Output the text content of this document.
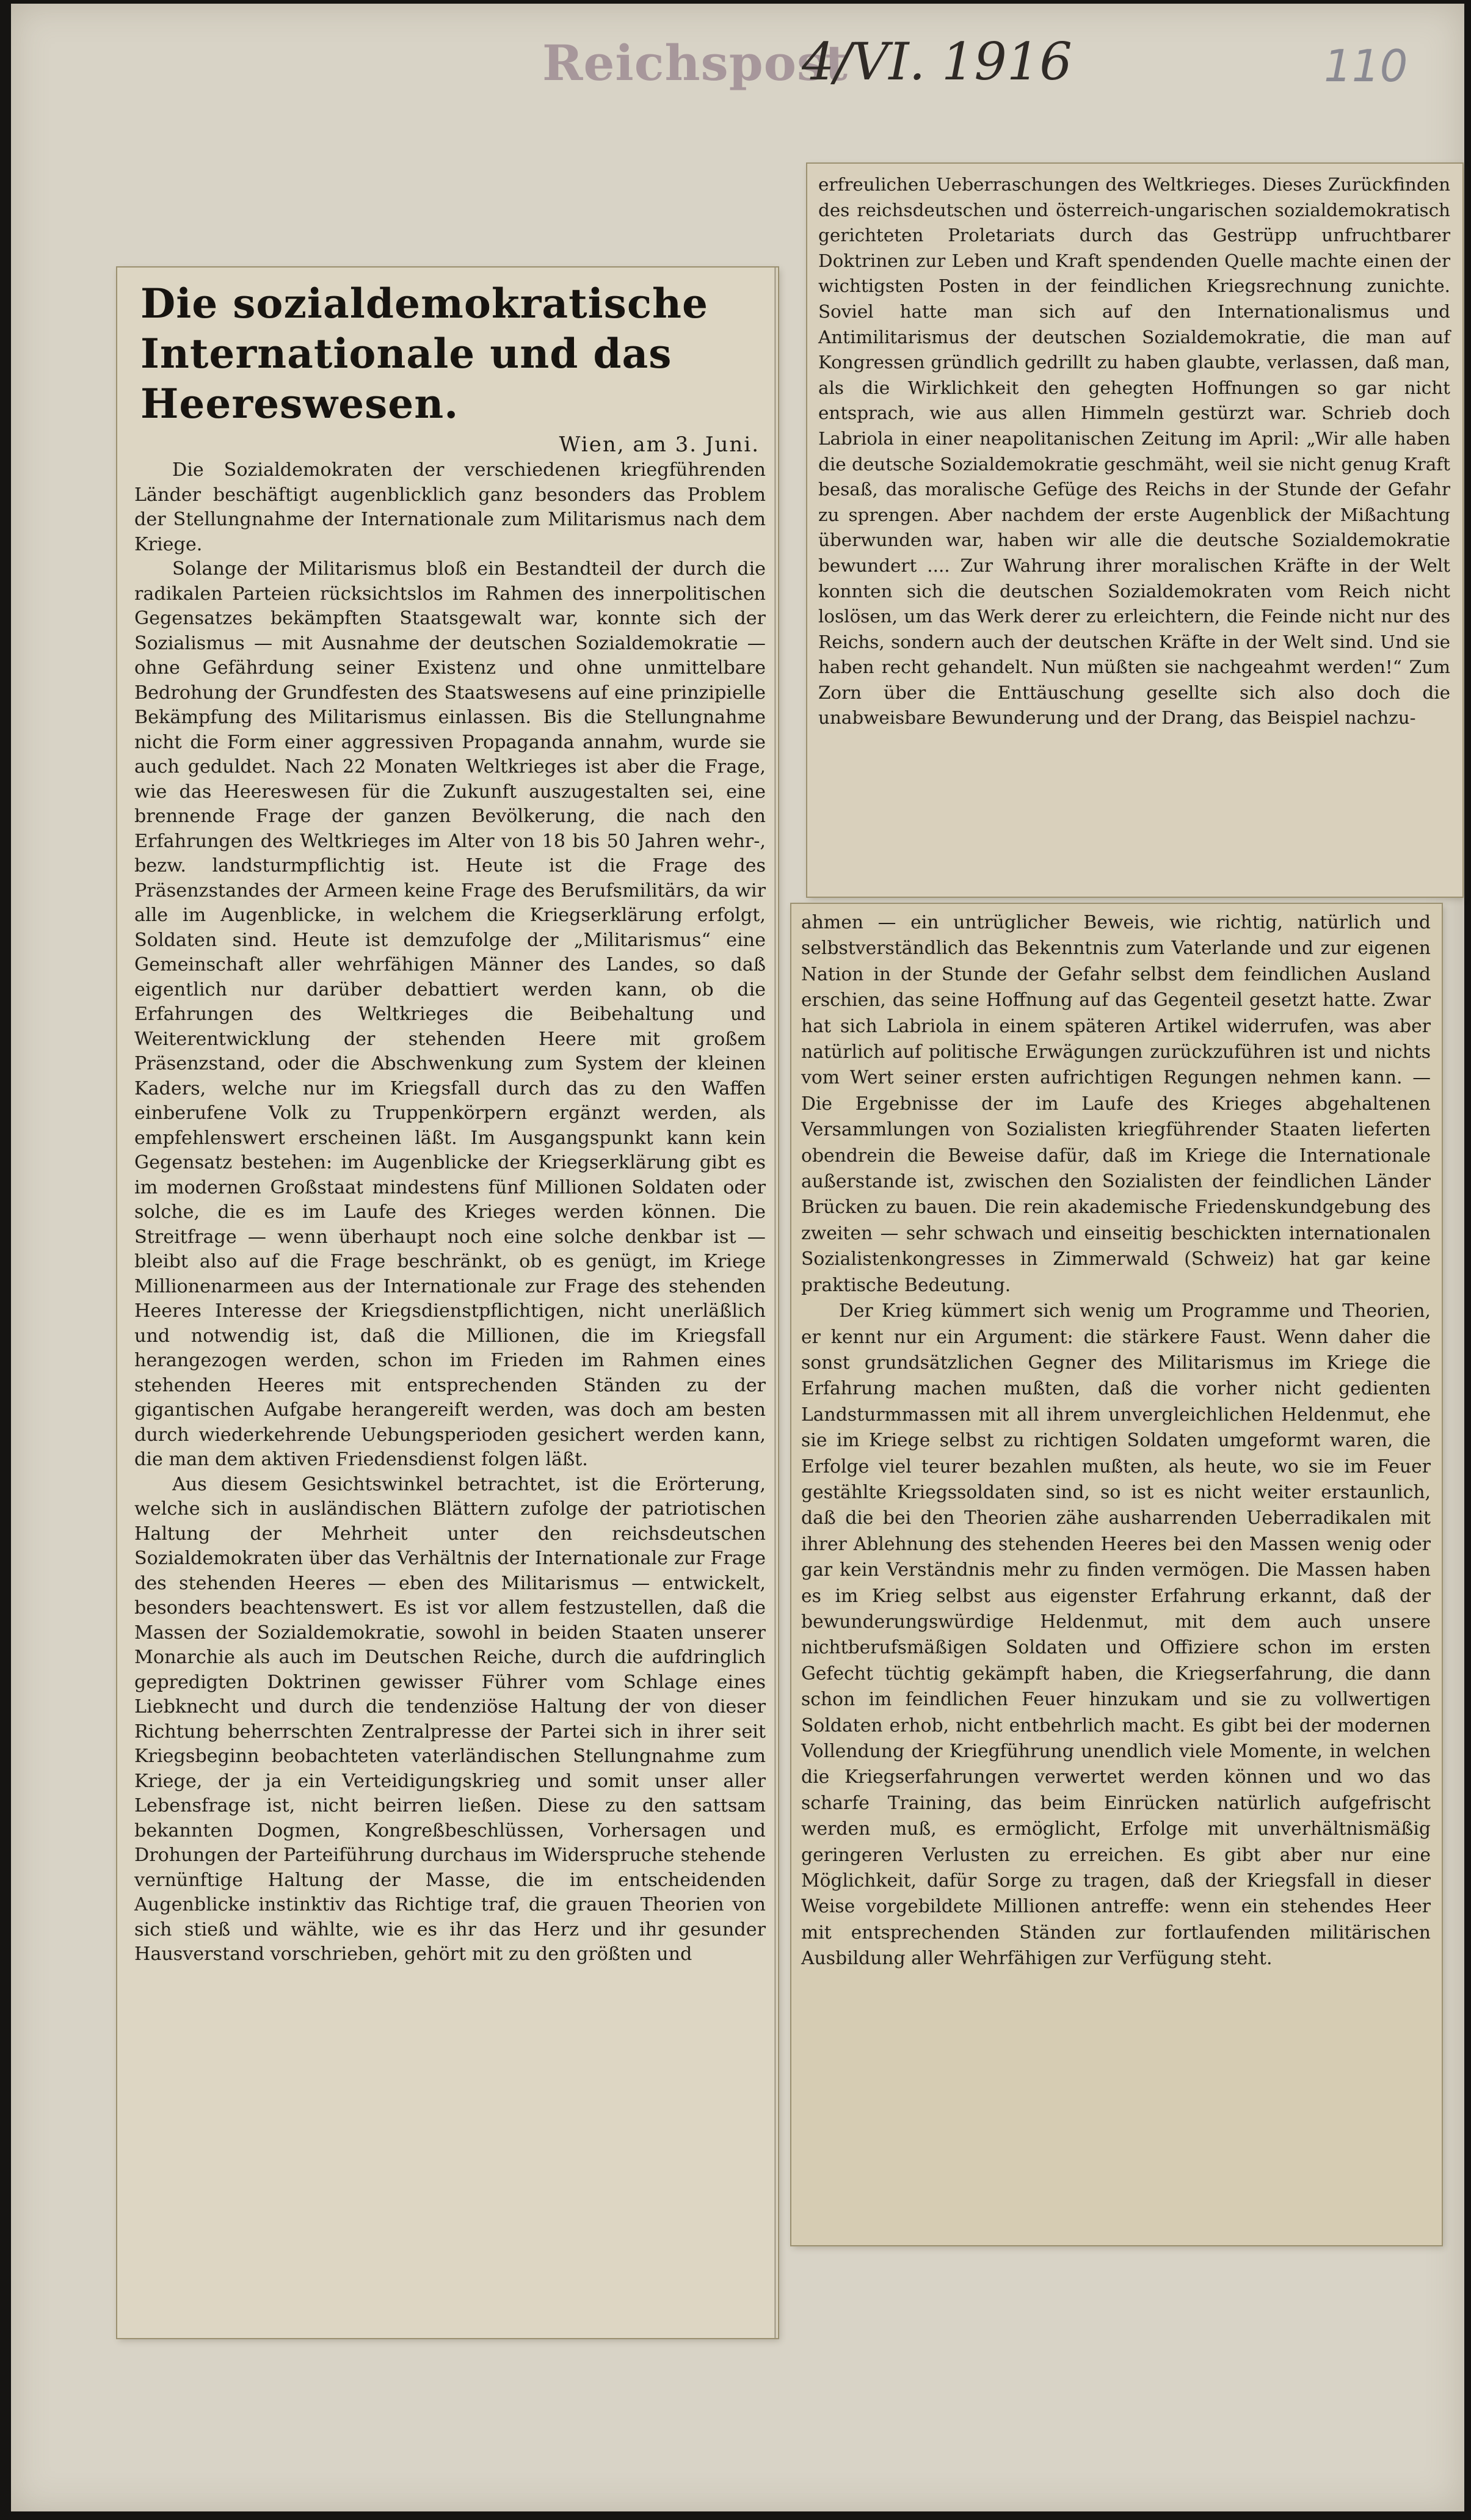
Reichspost
4/VI. 1916	110
Die sozialdemokratische Internationale und das Heereswesen.
Wien, am 3. Juni.

Die Sozialdemokraten der verschiedenen kriegführenden Länder beschäftigt augenblicklich ganz besonders das Problem der Stellungnahme der Internationale zum Militarismus nach dem Kriege.

Solange der Militarismus bloß ein Bestandteil der durch die radikalen Parteien rücksichtslos im Rahmen des innerpolitischen Gegensatzes bekämpften Staatsgewalt war, konnte sich der Sozialismus — mit Ausnahme der deutschen Sozialdemokratie — ohne Gefährdung seiner Existenz und ohne unmittelbare Bedrohung der Grundfesten des Staatswesens auf eine prinzipielle Bekämpfung des Militarismus einlassen. Bis die Stellungnahme nicht die Form einer aggressiven Propaganda annahm, wurde sie auch geduldet. Nach 22 Monaten Weltkrieges ist aber die Frage, wie das Heereswesen für die Zukunft auszugestalten sei, eine brennende Frage der ganzen Bevölkerung, die nach den Erfahrungen des Weltkrieges im Alter von 18 bis 50 Jahren wehr-, bezw. landsturmpflichtig ist. Heute ist die Frage des Präsenzstandes der Armeen keine Frage des Berufsmilitärs, da wir alle im Augenblicke, in welchem die Kriegserklärung erfolgt, Soldaten sind. Heute ist demzufolge der „Militarismus“ eine Gemeinschaft aller wehrfähigen Männer des Landes, so daß eigentlich nur darüber debattiert werden kann, ob die Erfahrungen des Weltkrieges die Beibehaltung und Weiterentwicklung der stehenden Heere mit großem Präsenzstand, oder die Abschwenkung zum System der kleinen Kaders, welche nur im Kriegsfall durch das zu den Waffen einberufene Volk zu Truppenkörpern ergänzt werden, als empfehlenswert erscheinen läßt. Im Ausgangspunkt kann kein Gegensatz bestehen: im Augenblicke der Kriegserklärung gibt es im modernen Großstaat mindestens fünf Millionen Soldaten oder solche, die es im Laufe des Krieges werden können. Die Streitfrage — wenn überhaupt noch eine solche denkbar ist — bleibt also auf die Frage beschränkt, ob es genügt, im Kriege Millionenarmeen aus der Internationale zur Frage des stehenden Heeres Interesse der Kriegsdienstpflichtigen, nicht unerläßlich und notwendig ist, daß die Millionen, die im Kriegsfall herangezogen werden, schon im Frieden im Rahmen eines stehenden Heeres mit entsprechenden Ständen zu der gigantischen Aufgabe herangereift werden, was doch am besten durch wiederkehrende Uebungsperioden gesichert werden kann, die man dem aktiven Friedensdienst folgen läßt.

Aus diesem Gesichtswinkel betrachtet, ist die Erörterung, welche sich in ausländischen Blättern zufolge der patriotischen Haltung der Mehrheit unter den reichsdeutschen Sozialdemokraten über das Verhältnis der Internationale zur Frage des stehenden Heeres — eben des Militarismus — entwickelt, besonders beachtenswert. Es ist vor allem festzustellen, daß die Massen der Sozialdemokratie, sowohl in beiden Staaten unserer Monarchie als auch im Deutschen Reiche, durch die aufdringlich gepredigten Doktrinen gewisser Führer vom Schlage eines Liebknecht und durch die tendenziöse Haltung der von dieser Richtung beherrschten Zentralpresse der Partei sich in ihrer seit Kriegsbeginn beobachteten vaterländischen Stellungnahme zum Kriege, der ja ein Verteidigungskrieg und somit unser aller Lebensfrage ist, nicht beirren ließen. Diese zu den sattsam bekannten Dogmen, Kongreßbeschlüssen, Vorhersagen und Drohungen der Parteiführung durchaus im Widerspruche stehende vernünftige Haltung der Masse, die im entscheidenden Augenblicke instinktiv das Richtige traf, die grauen Theorien von sich stieß und wählte, wie es ihr das Herz und ihr gesunder Hausverstand vorschrieben, gehört mit zu den größten und

erfreulichen Ueberraschungen des Weltkrieges. Dieses Zurückfinden des reichsdeutschen und österreich-ungarischen sozialdemokratisch gerichteten Proletariats durch das Gestrüpp unfruchtbarer Doktrinen zur Leben und Kraft spendenden Quelle machte einen der wichtigsten Posten in der feindlichen Kriegsrechnung zunichte. Soviel hatte man sich auf den Internationalismus und Antimilitarismus der deutschen Sozialdemokratie, die man auf Kongressen gründlich gedrillt zu haben glaubte, verlassen, daß man, als die Wirklichkeit den gehegten Hoffnungen so gar nicht entsprach, wie aus allen Himmeln gestürzt war. Schrieb doch Labriola in einer neapolitanischen Zeitung im April: „Wir alle haben die deutsche Sozialdemokratie geschmäht, weil sie nicht genug Kraft besaß, das moralische Gefüge des Reichs in der Stunde der Gefahr zu sprengen. Aber nachdem der erste Augenblick der Mißachtung überwunden war, haben wir alle die deutsche Sozialdemokratie bewundert .... Zur Wahrung ihrer moralischen Kräfte in der Welt konnten sich die deutschen Sozialdemokraten vom Reich nicht loslösen, um das Werk derer zu erleichtern, die Feinde nicht nur des Reichs, sondern auch der deutschen Kräfte in der Welt sind. Und sie haben recht gehandelt. Nun müßten sie nachgeahmt werden!“ Zum Zorn über die Enttäuschung gesellte sich also doch die unabweisbare Bewunderung und der Drang, das Beispiel nachzu-

ahmen — ein untrüglicher Beweis, wie richtig, natürlich und selbstverständlich das Bekenntnis zum Vaterlande und zur eigenen Nation in der Stunde der Gefahr selbst dem feindlichen Ausland erschien, das seine Hoffnung auf das Gegenteil gesetzt hatte. Zwar hat sich Labriola in einem späteren Artikel widerrufen, was aber natürlich auf politische Erwägungen zurückzuführen ist und nichts vom Wert seiner ersten aufrichtigen Regungen nehmen kann. — Die Ergebnisse der im Laufe des Krieges abgehaltenen Versammlungen von Sozialisten kriegführender Staaten lieferten obendrein die Beweise dafür, daß im Kriege die Internationale außerstande ist, zwischen den Sozialisten der feindlichen Länder Brücken zu bauen. Die rein akademische Friedenskundgebung des zweiten — sehr schwach und einseitig beschickten internationalen Sozialistenkongresses in Zimmerwald (Schweiz) hat gar keine praktische Bedeutung.

Der Krieg kümmert sich wenig um Programme und Theorien, er kennt nur ein Argument: die stärkere Faust. Wenn daher die sonst grundsätzlichen Gegner des Militarismus im Kriege die Erfahrung machen mußten, daß die vorher nicht gedienten Landsturmmassen mit all ihrem unvergleichlichen Heldenmut, ehe sie im Kriege selbst zu richtigen Soldaten umgeformt waren, die Erfolge viel teurer bezahlen mußten, als heute, wo sie im Feuer gestählte Kriegssoldaten sind, so ist es nicht weiter erstaunlich, daß die bei den Theorien zähe ausharrenden Ueberradikalen mit ihrer Ablehnung des stehenden Heeres bei den Massen wenig oder gar kein Verständnis mehr zu finden vermögen. Die Massen haben es im Krieg selbst aus eigenster Erfahrung erkannt, daß der bewunderungswürdige Heldenmut, mit dem auch unsere nichtberufsmäßigen Soldaten und Offiziere schon im ersten Gefecht tüchtig gekämpft haben, die Kriegserfahrung, die dann schon im feindlichen Feuer hinzukam und sie zu vollwertigen Soldaten erhob, nicht entbehrlich macht. Es gibt bei der modernen Vollendung der Kriegführung unendlich viele Momente, in welchen die Kriegserfahrungen verwertet werden können und wo das scharfe Training, das beim Einrücken natürlich aufgefrischt werden muß, es ermöglicht, Erfolge mit unverhältnismäßig geringeren Verlusten zu erreichen. Es gibt aber nur eine Möglichkeit, dafür Sorge zu tragen, daß der Kriegsfall in dieser Weise vorgebildete Millionen antreffe: wenn ein stehendes Heer mit entsprechenden Ständen zur fortlaufenden militärischen Ausbildung aller Wehrfähigen zur Verfügung steht.
